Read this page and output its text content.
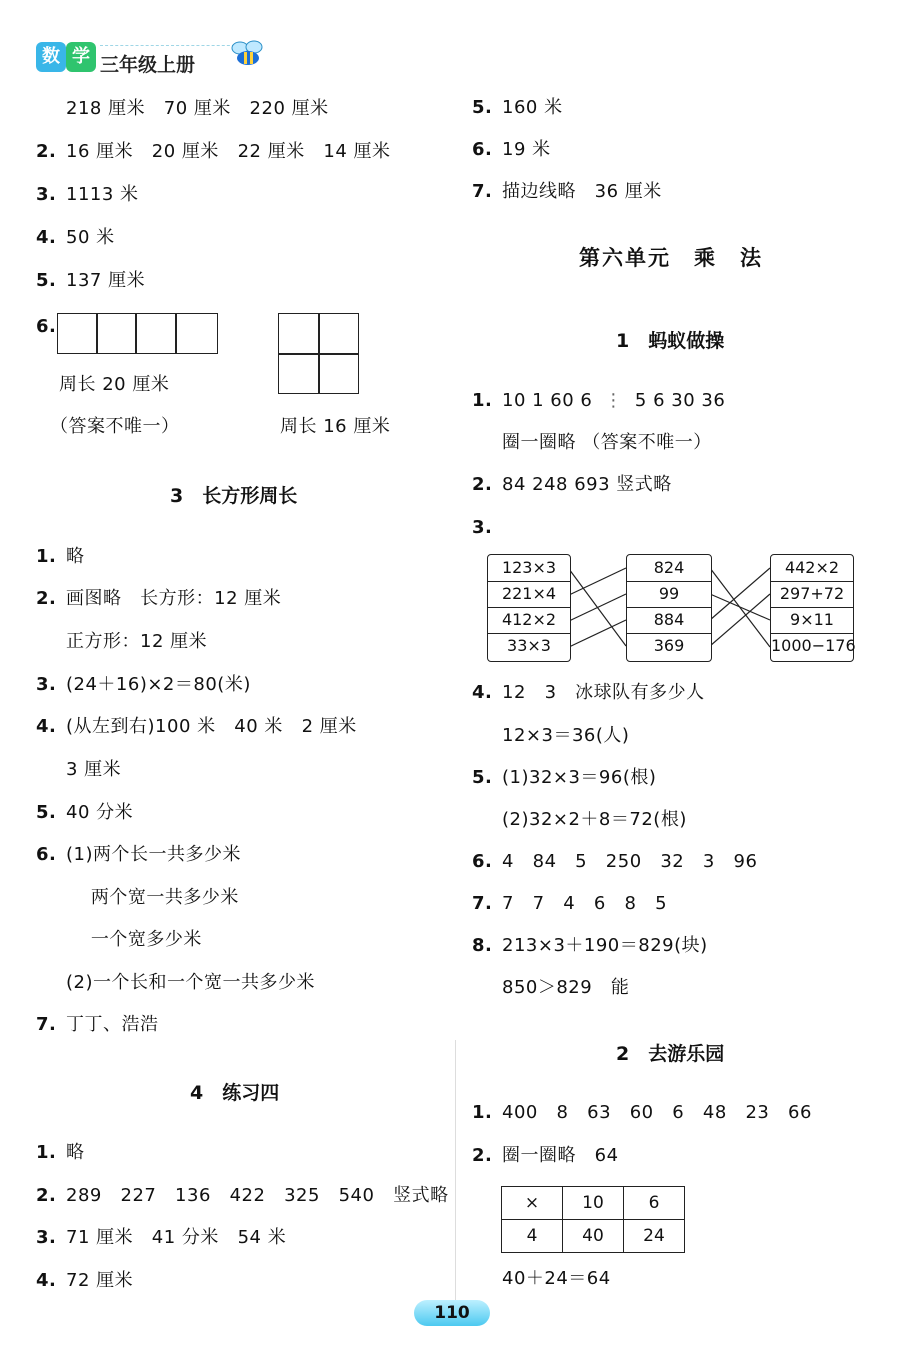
数 学 三年级上册
218 厘米   70 厘米   220 厘米
2. 16 厘米   20 厘米   22 厘米   14 厘米
3. 1113 米
4. 50 米
5. 137 厘米
6.
周长 20 厘米
（答案不唯一）	周长 16 厘米
3　长方形周长
1. 略
2. 画图略   长方形：12 厘米
正方形：12 厘米
3. (24＋16)×2＝80(米)
4. (从左到右)100 米   40 米   2 厘米
3 厘米
5. 40 分米
6. (1)两个长一共多少米
两个宽一共多少米
一个宽多少米
(2)一个长和一个宽一共多少米
7. 丁丁、浩浩
4　练习四
1. 略
2. 289   227   136   422   325   540   竖式略
3. 71 厘米   41 分米   54 米
4. 72 厘米
5. 160 米
6. 19 米
7. 描边线略   36 厘米
第六单元　乘　法
1　蚂蚁做操
1. 10 1 60 6 ⋮ 5 6 30 36
圈一圈略 （答案不唯一）
2. 84 248 693 竖式略
3.
123×3
221×4
412×2
33×3
824
99
884
369
442×2
297+72
9×11
1000−176
4. 12   3   冰球队有多少人
12×3＝36(人)
5. (1)32×3＝96(根)
(2)32×2＋8＝72(根)
6. 4   84   5   250   32   3   96
7. 7   7   4   6   8   5
8. 213×3＋190＝829(块)
850＞829   能
2　去游乐园
1. 400   8   63   60   6   48   23   66
2. 圈一圈略   64
×	10	6
4	40	24
40＋24＝64
110
